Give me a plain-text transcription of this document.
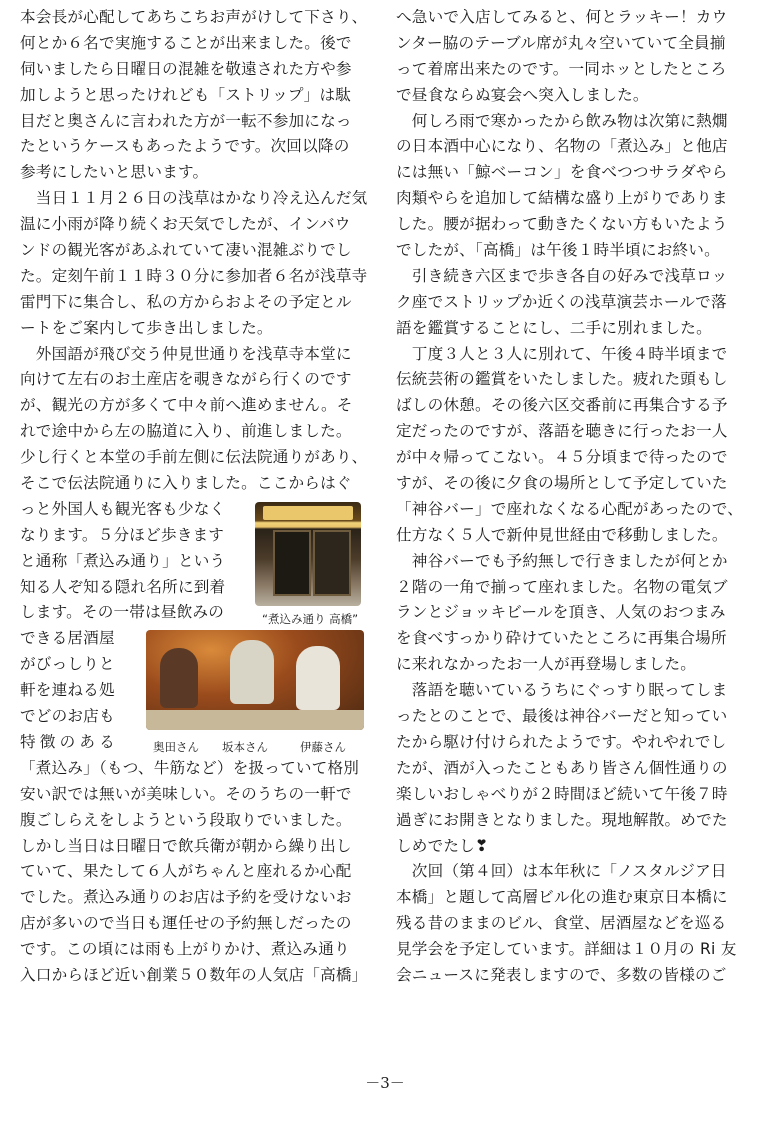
本会長が心配してあちこちお声がけして下さり、
何とか６名で実施することが出来ました。後で
伺いましたら日曜日の混雑を敬遠された方や参
加しようと思ったけれども「ストリップ」は駄
目だと奥さんに言われた方が一転不参加になっ
たというケースもあったようです。次回以降の
参考にしたいと思います。
　当日１１月２６日の浅草はかなり冷え込んだ気
温に小雨が降り続くお天気でしたが、インバウ
ンドの観光客があふれていて凄い混雑ぶりでし
た。定刻午前１１時３０分に参加者６名が浅草寺
雷門下に集合し、私の方からおよその予定とル
ートをご案内して歩き出しました。
　外国語が飛び交う仲見世通りを浅草寺本堂に
向けて左右のお土産店を覗きながら行くのです
が、観光の方が多くて中々前へ進めません。そ
れで途中から左の脇道に入り、前進しました。
少し行くと本堂の手前左側に伝法院通りがあり、
そこで伝法院通りに入りました。ここからはぐ
っと外国人も観光客も少なく
なります。５分ほど歩きます
と通称「煮込み通り」という
知る人ぞ知る隠れ名所に到着
します。その一帯は昼飲みの
できる居酒屋
がびっしりと
軒を連ねる処
でどのお店も
特徴のある
「煮込み」（もつ、牛筋など）を扱っていて格別
安い訳では無いが美味しい。そのうちの一軒で
腹ごしらえをしようという段取りでいました。
しかし当日は日曜日で飲兵衛が朝から繰り出し
ていて、果たして６人がちゃんと座れるか心配
でした。煮込み通りのお店は予約を受けないお
店が多いので当日も運任せの予約無しだったの
です。この頃には雨も上がりかけ、煮込み通り
入口からほど近い創業５０数年の人気店「高橋」
へ急いで入店してみると、何とラッキー！カウ
ンター脇のテーブル席が丸々空いていて全員揃
って着席出来たのです。一同ホッとしたところ
で昼食ならぬ宴会へ突入しました。
　何しろ雨で寒かったから飲み物は次第に熱燗
の日本酒中心になり、名物の「煮込み」と他店
には無い「鯨ベーコン」を食べつつサラダやら
肉類やらを追加して結構な盛り上がりでありま
した。腰が据わって動きたくない方もいたよう
でしたが、「高橋」は午後１時半頃にお終い。
　引き続き六区まで歩き各自の好みで浅草ロッ
ク座でストリップか近くの浅草演芸ホールで落
語を鑑賞することにし、二手に別れました。
　丁度３人と３人に別れて、午後４時半頃まで
伝統芸術の鑑賞をいたしました。疲れた頭もし
ばしの休憩。その後六区交番前に再集合する予
定だったのですが、落語を聴きに行ったお一人
が中々帰ってこない。４５分頃まで待ったので
すが、その後に夕食の場所として予定していた
「神谷バー」で座れなくなる心配があったので、
仕方なく５人で新仲見世経由で移動しました。
　神谷バーでも予約無しで行きましたが何とか
２階の一角で揃って座れました。名物の電気ブ
ランとジョッキビールを頂き、人気のおつまみ
を食べすっかり砕けていたところに再集合場所
に来れなかったお一人が再登場しました。
　落語を聴いているうちにぐっすり眠ってしま
ったとのことで、最後は神谷バーだと知ってい
たから駆け付けられたようです。やれやれでし
たが、酒が入ったこともあり皆さん個性通りの
楽しいおしゃべりが２時間ほど続いて午後７時
過ぎにお開きとなりました。現地解散。めでた
しめでたし❣
　次回（第４回）は本年秋に「ノスタルジア日
本橋」と題して高層ビル化の進む東京日本橋に
残る昔のままのビル、食堂、居酒屋などを巡る
見学会を予定しています。詳細は１０月の Ri 友
会ニュースに発表しますので、多数の皆様のご
“煮込み通り 高橋”
奥田さん 坂本さん	伊藤さん
－3－
